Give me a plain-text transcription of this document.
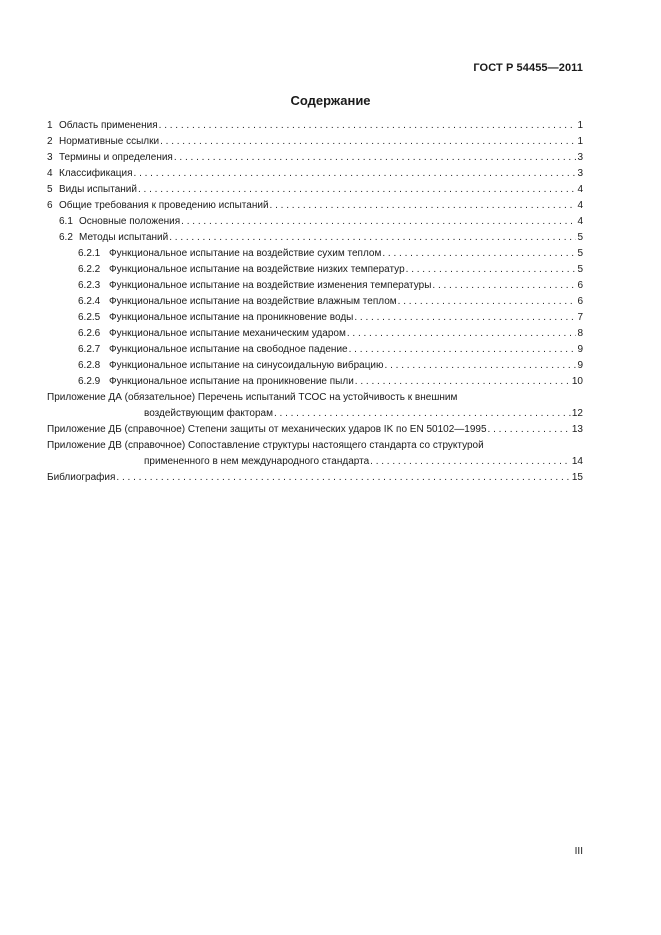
ГОСТ Р 54455—2011
Содержание
1 Область применения . . .	1
2 Нормативные ссылки . . .	1
3 Термины и определения . . .	3
4 Классификация . . .	3
5 Виды испытаний . . .	4
6 Общие требования к проведению испытаний . . .	4
6.1 Основные положения . . .	4
6.2 Методы испытаний . . .	5
6.2.1 Функциональное испытание на воздействие сухим теплом . . .	5
6.2.2 Функциональное испытание на воздействие низких температур . . .	5
6.2.3 Функциональное испытание на воздействие изменения температуры . . .	6
6.2.4 Функциональное испытание на воздействие влажным теплом . . .	6
6.2.5 Функциональное испытание на проникновение воды . . .	7
6.2.6 Функциональное испытание механическим ударом . . .	8
6.2.7 Функциональное испытание на свободное падение . . .	9
6.2.8 Функциональное испытание на синусоидальную вибрацию . . .	9
6.2.9 Функциональное испытание на проникновение пыли . . .	10
Приложение ДА (обязательное) Перечень испытаний ТСОС на устойчивость к внешним
воздействующим факторам . . .	12
Приложение ДБ (справочное) Степени защиты от механических ударов IK по EN 50102—1995 . . .	13
Приложение ДВ (справочное) Сопоставление структуры настоящего стандарта со структурой
примененного в нем международного стандарта . . .	14
Библиография . . .	15
III
